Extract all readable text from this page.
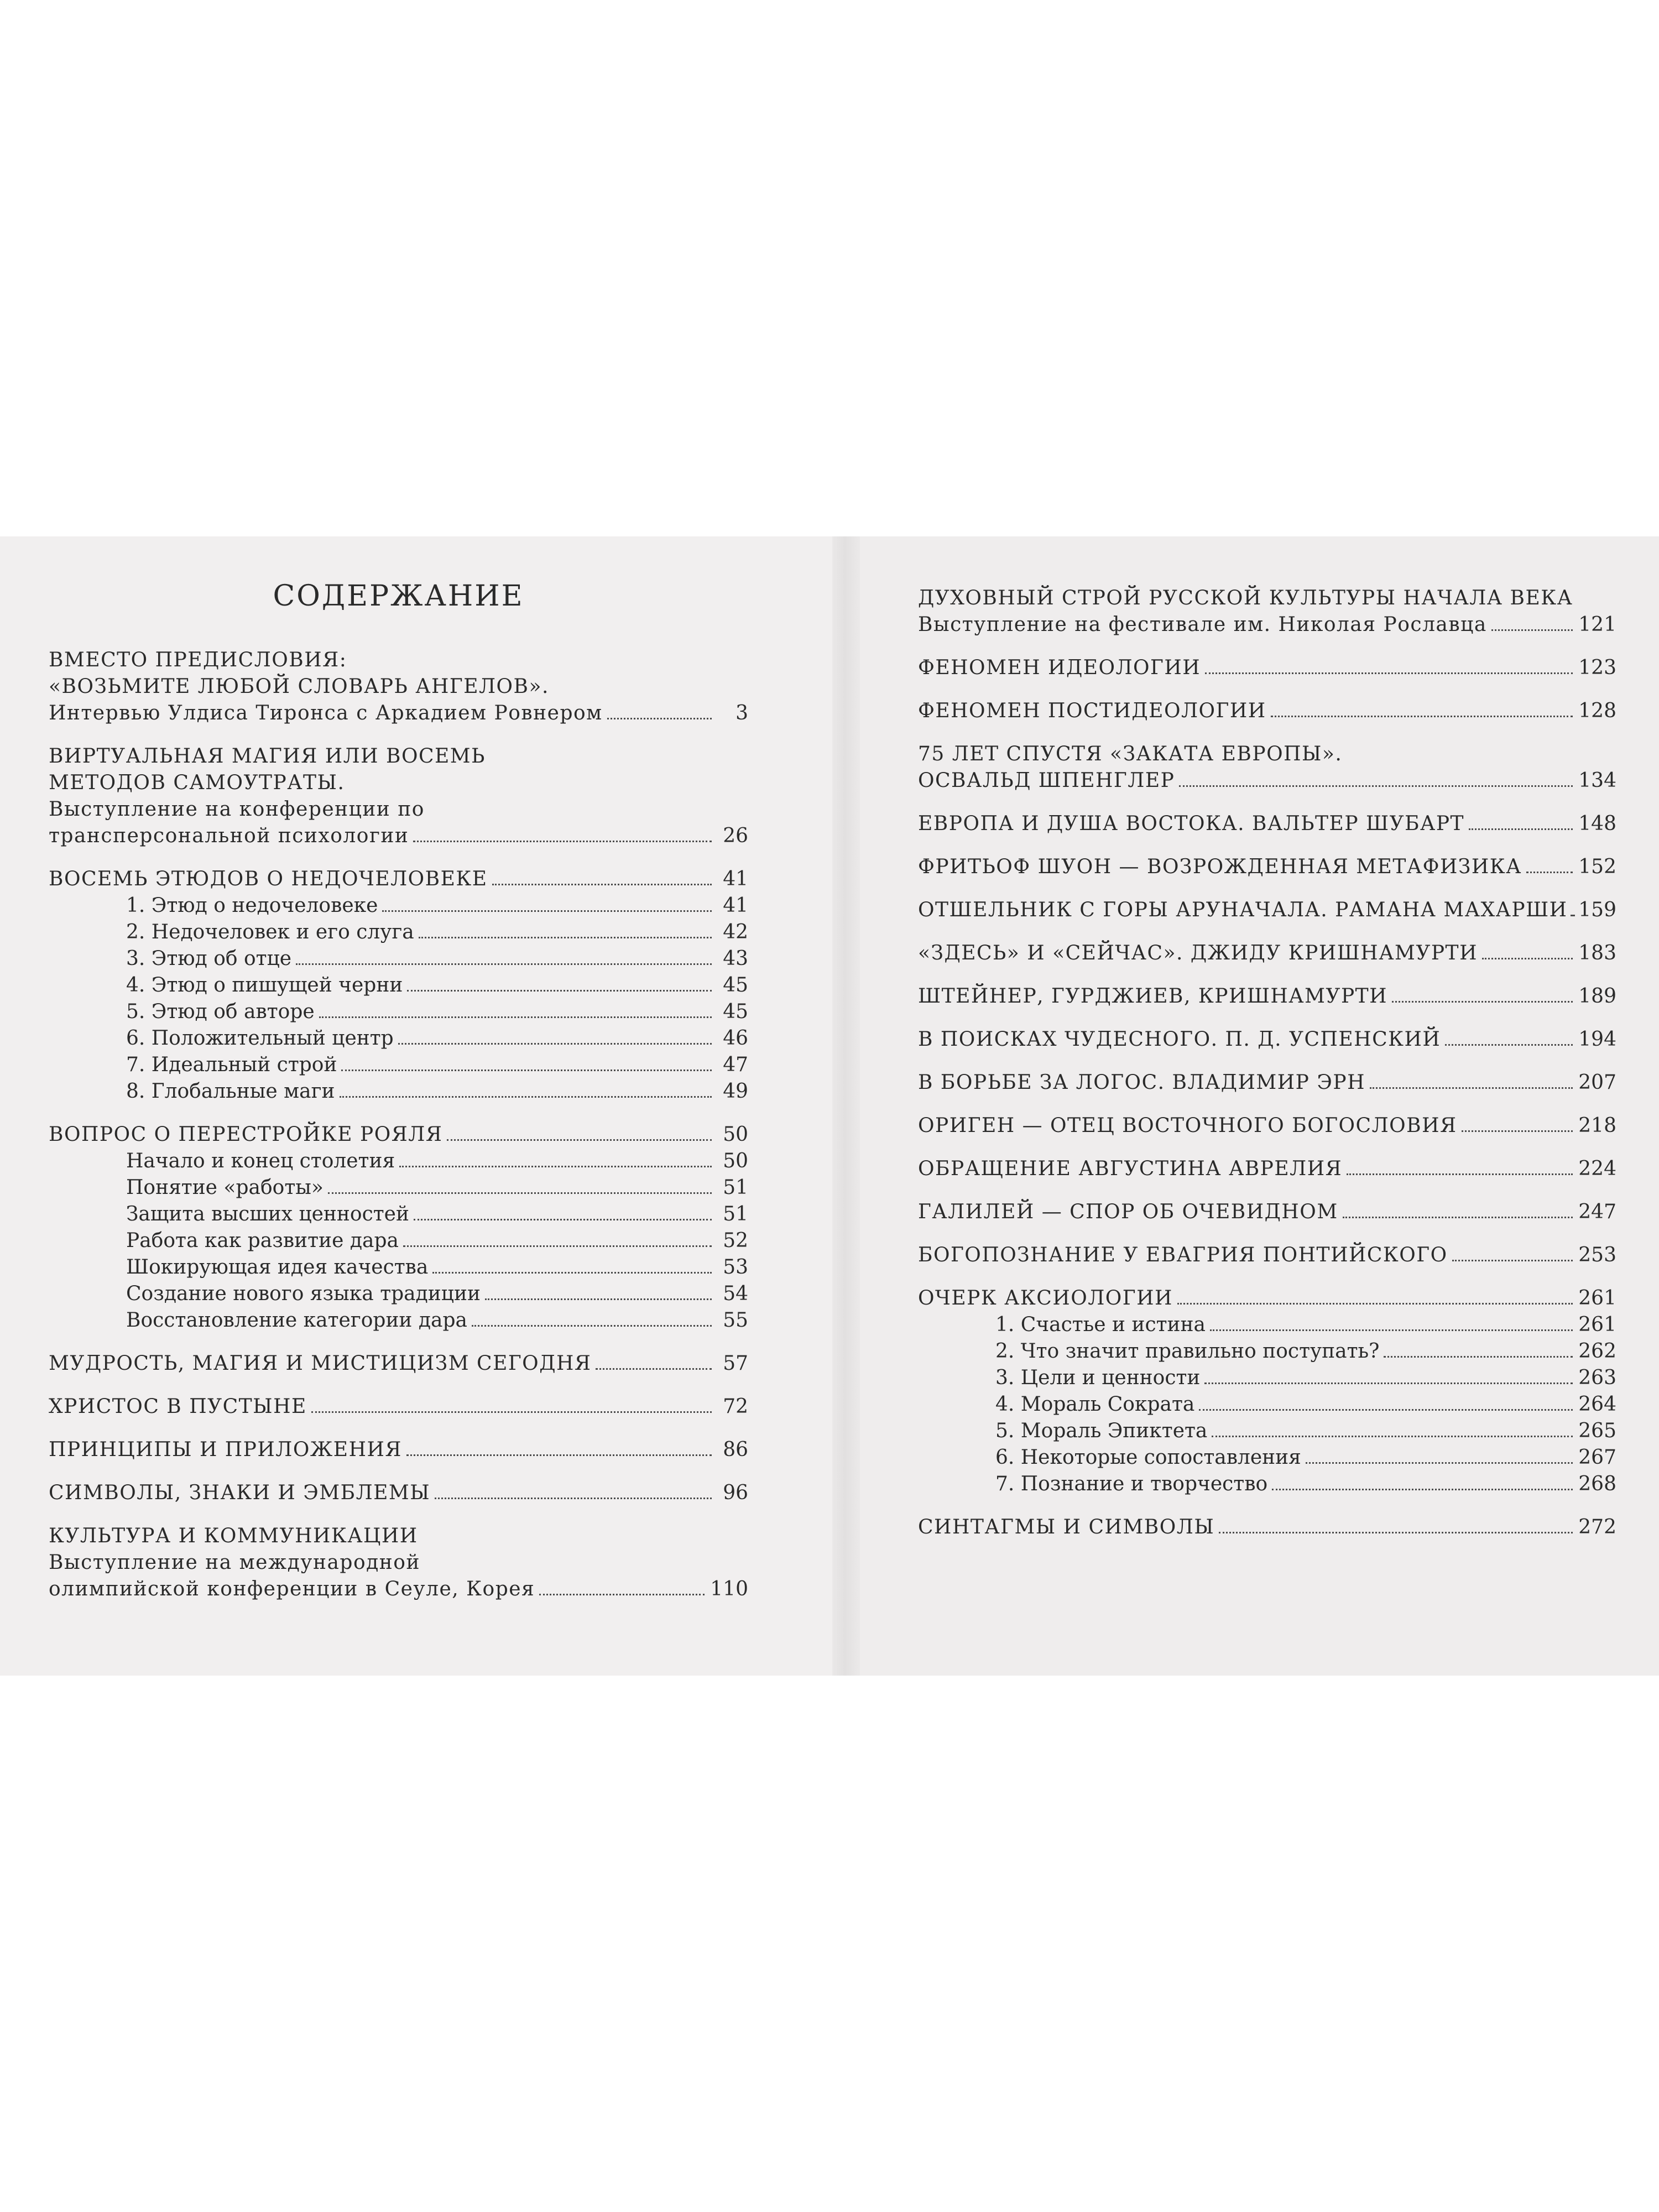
СОДЕРЖАНИЕ
ВМЕСТО ПРЕДИСЛОВИЯ:
«ВОЗЬМИТЕ ЛЮБОЙ СЛОВАРЬ АНГЕЛОВ».
Интервью Улдиса Тиронса с Аркадием Ровнером	3
ВИРТУАЛЬНАЯ МАГИЯ ИЛИ ВОСЕМЬ
МЕТОДОВ САМОУТРАТЫ.
Выступление на конференции по
трансперсональной психологии	26
ВОСЕМЬ ЭТЮДОВ О НЕДОЧЕЛОВЕКЕ	41
1. Этюд о недочеловеке	41
2. Недочеловек и его слуга	42
3. Этюд об отце	43
4. Этюд о пишущей черни	45
5. Этюд об авторе	45
6. Положительный центр	46
7. Идеальный строй	47
8. Глобальные маги	49
ВОПРОС О ПЕРЕСТРОЙКЕ РОЯЛЯ	50
Начало и конец столетия	50
Понятие «работы»	51
Защита высших ценностей	51
Работа как развитие дара	52
Шокирующая идея качества	53
Создание нового языка традиции	54
Восстановление категории дара	55
МУДРОСТЬ, МАГИЯ И МИСТИЦИЗМ СЕГОДНЯ	57
ХРИСТОС В ПУСТЫНЕ	72
ПРИНЦИПЫ И ПРИЛОЖЕНИЯ	86
СИМВОЛЫ, ЗНАКИ И ЭМБЛЕМЫ	96
КУЛЬТУРА И КОММУНИКАЦИИ
Выступление на международной
олимпийской конференции в Сеуле, Корея	110
ДУХОВНЫЙ СТРОЙ РУССКОЙ КУЛЬТУРЫ НАЧАЛА ВЕКА
Выступление на фестивале им. Николая Рославца	121
ФЕНОМЕН ИДЕОЛОГИИ	123
ФЕНОМЕН ПОСТИДЕОЛОГИИ	128
75 ЛЕТ СПУСТЯ «ЗАКАТА ЕВРОПЫ».
ОСВАЛЬД ШПЕНГЛЕР	134
ЕВРОПА И ДУША ВОСТОКА. ВАЛЬТЕР ШУБАРТ	148
ФРИТЬОФ ШУОН — ВОЗРОЖДЕННАЯ МЕТАФИЗИКА	152
ОТШЕЛЬНИК С ГОРЫ АРУНАЧАЛА. РАМАНА МАХАРШИ 159
«ЗДЕСЬ» И «СЕЙЧАС». ДЖИДУ КРИШНАМУРТИ	183
ШТЕЙНЕР, ГУРДЖИЕВ, КРИШНАМУРТИ	189
В ПОИСКАХ ЧУДЕСНОГО. П. Д. УСПЕНСКИЙ	194
В БОРЬБЕ ЗА ЛОГОС. ВЛАДИМИР ЭРН	207
ОРИГЕН — ОТЕЦ ВОСТОЧНОГО БОГОСЛОВИЯ	218
ОБРАЩЕНИЕ АВГУСТИНА АВРЕЛИЯ	224
ГАЛИЛЕЙ — СПОР ОБ ОЧЕВИДНОМ	247
БОГОПОЗНАНИЕ У ЕВАГРИЯ ПОНТИЙСКОГО	253
ОЧЕРК АКСИОЛОГИИ	261
1. Счастье и истина	261
2. Что значит правильно поступать?	262
3. Цели и ценности	263
4. Мораль Сократа	264
5. Мораль Эпиктета	265
6. Некоторые сопоставления	267
7. Познание и творчество	268
СИНТАГМЫ И СИМВОЛЫ	272
